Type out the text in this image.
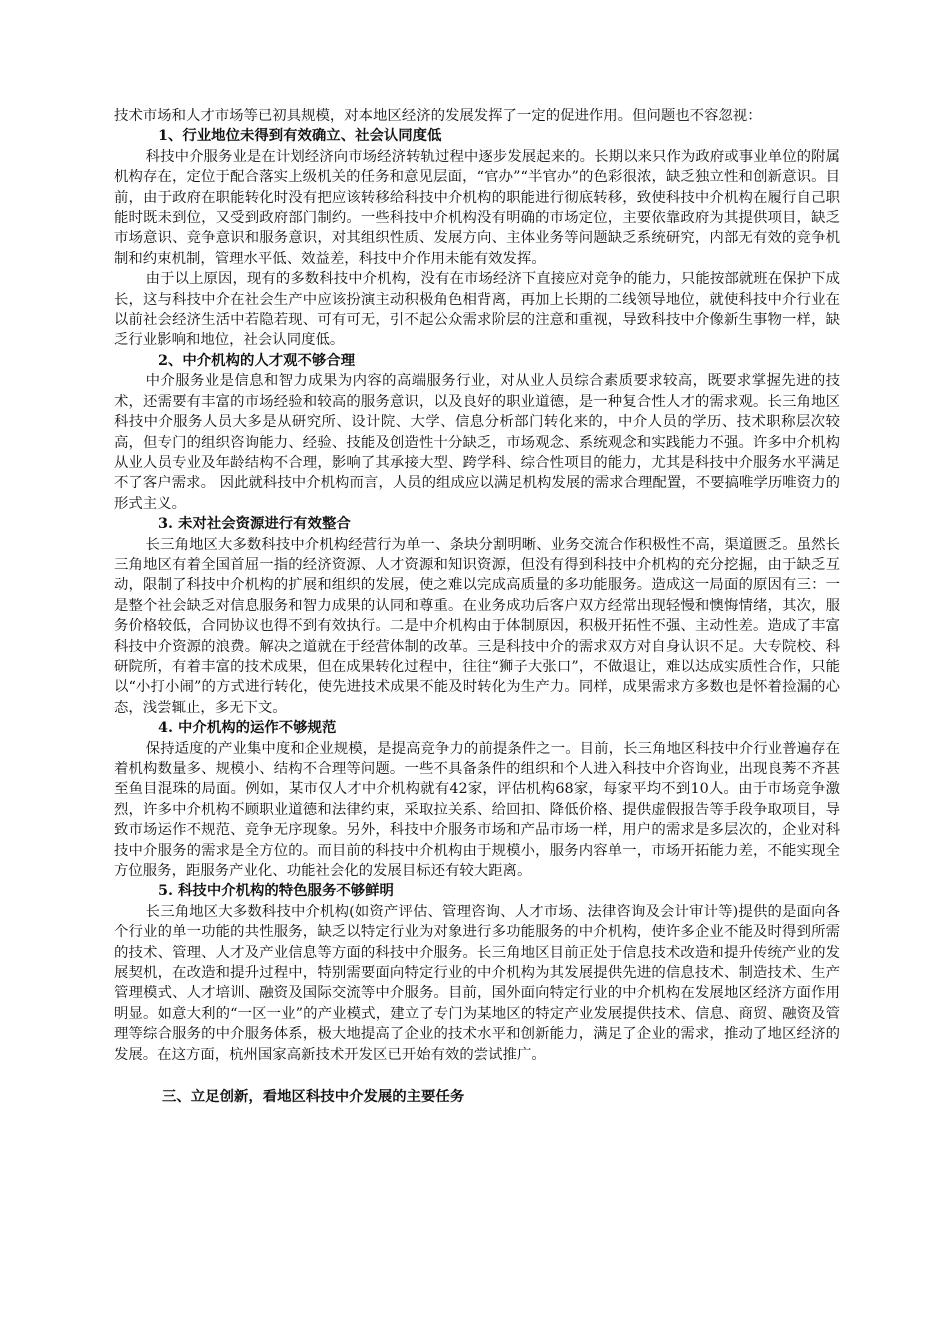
技术市场和人才市场等已初具规模，对本地区经济的发展发挥了一定的促进作用。但问题也不容忽视：

1、行业地位未得到有效确立、社会认同度低

科技中介服务业是在计划经济向市场经济转轨过程中逐步发展起来的。长期以来只作为政府或事业单位的附属机构存在，定位于配合落实上级机关的任务和意见层面，“官办”“半官办”的色彩很浓，缺乏独立性和创新意识。目前，由于政府在职能转化时没有把应该转移给科技中介机构的职能进行彻底转移，致使科技中介机构在履行自己职能时既未到位，又受到政府部门制约。一些科技中介机构没有明确的市场定位，主要依靠政府为其提供项目，缺乏市场意识、竞争意识和服务意识，对其组织性质、发展方向、主体业务等问题缺乏系统研究，内部无有效的竞争机制和约束机制，管理水平低、效益差，科技中介作用未能有效发挥。

由于以上原因，现有的多数科技中介机构，没有在市场经济下直接应对竞争的能力，只能按部就班在保护下成长，这与科技中介在社会生产中应该扮演主动积极角色相背离，再加上长期的二线领导地位，就使科技中介行业在以前社会经济生活中若隐若现、可有可无，引不起公众需求阶层的注意和重视，导致科技中介像新生事物一样，缺乏行业影响和地位，社会认同度低。

2、中介机构的人才观不够合理

中介服务业是信息和智力成果为内容的高端服务行业，对从业人员综合素质要求较高，既要求掌握先进的技术，还需要有丰富的市场经验和较高的服务意识，以及良好的职业道德，是一种复合性人才的需求观。长三角地区科技中介服务人员大多是从研究所、设计院、大学、信息分析部门转化来的，中介人员的学历、技术职称层次较高，但专门的组织咨询能力、经验、技能及创造性十分缺乏，市场观念、系统观念和实践能力不强。许多中介机构从业人员专业及年龄结构不合理，影响了其承接大型、跨学科、综合性项目的能力，尤其是科技中介服务水平满足不了客户需求。 因此就科技中介机构而言，人员的组成应以满足机构发展的需求合理配置，不要搞唯学历唯资力的形式主义。

3. 未对社会资源进行有效整合

长三角地区大多数科技中介机构经营行为单一、条块分割明晰、业务交流合作积极性不高，渠道匮乏。虽然长三角地区有着全国首屈一指的经济资源、人才资源和知识资源，但没有得到科技中介机构的充分挖掘，由于缺乏互动，限制了科技中介机构的扩展和组织的发展，使之难以完成高质量的多功能服务。造成这一局面的原因有三：一是整个社会缺乏对信息服务和智力成果的认同和尊重。在业务成功后客户双方经常出现轻慢和懊悔情绪，其次，服务价格较低，合同协议也得不到有效执行。二是中介机构由于体制原因，积极开拓性不强、主动性差。造成了丰富科技中介资源的浪费。解决之道就在于经营体制的改革。三是科技中介的需求双方对自身认识不足。大专院校、科研院所，有着丰富的技术成果，但在成果转化过程中，往往“狮子大张口”，不做退让，难以达成实质性合作，只能以“小打小闹”的方式进行转化，使先进技术成果不能及时转化为生产力。同样，成果需求方多数也是怀着捡漏的心态，浅尝辄止，多无下文。

4. 中介机构的运作不够规范

保持适度的产业集中度和企业规模，是提高竞争力的前提条件之一。目前，长三角地区科技中介行业普遍存在着机构数量多、规模小、结构不合理等问题。一些不具备条件的组织和个人进入科技中介咨询业，出现良莠不齐甚至鱼目混珠的局面。例如，某市仅人才中介机构就有42家，评估机构68家，每家平均不到10人。由于市场竞争激烈，许多中介机构不顾职业道德和法律约束，采取拉关系、给回扣、降低价格、提供虚假报告等手段争取项目，导致市场运作不规范、竞争无序现象。另外，科技中介服务市场和产品市场一样，用户的需求是多层次的，企业对科技中介服务的需求是全方位的。而目前的科技中介机构由于规模小，服务内容单一，市场开拓能力差，不能实现全方位服务，距服务产业化、功能社会化的发展目标还有较大距离。

5. 科技中介机构的特色服务不够鲜明

长三角地区大多数科技中介机构(如资产评估、管理咨询、人才市场、法律咨询及会计审计等)提供的是面向各个行业的单一功能的共性服务，缺乏以特定行业为对象进行多功能服务的中介机构，使许多企业不能及时得到所需的技术、管理、人才及产业信息等方面的科技中介服务。长三角地区目前正处于信息技术改造和提升传统产业的发展契机，在改造和提升过程中，特别需要面向特定行业的中介机构为其发展提供先进的信息技术、制造技术、生产管理模式、人才培训、融资及国际交流等中介服务。目前，国外面向特定行业的中介机构在发展地区经济方面作用明显。如意大利的“一区一业”的产业模式，建立了专门为某地区的特定产业发展提供技术、信息、商贸、融资及管理等综合服务的中介服务体系，极大地提高了企业的技术水平和创新能力，满足了企业的需求，推动了地区经济的发展。在这方面，杭州国家高新技术开发区已开始有效的尝试推广。

三、立足创新，看地区科技中介发展的主要任务
